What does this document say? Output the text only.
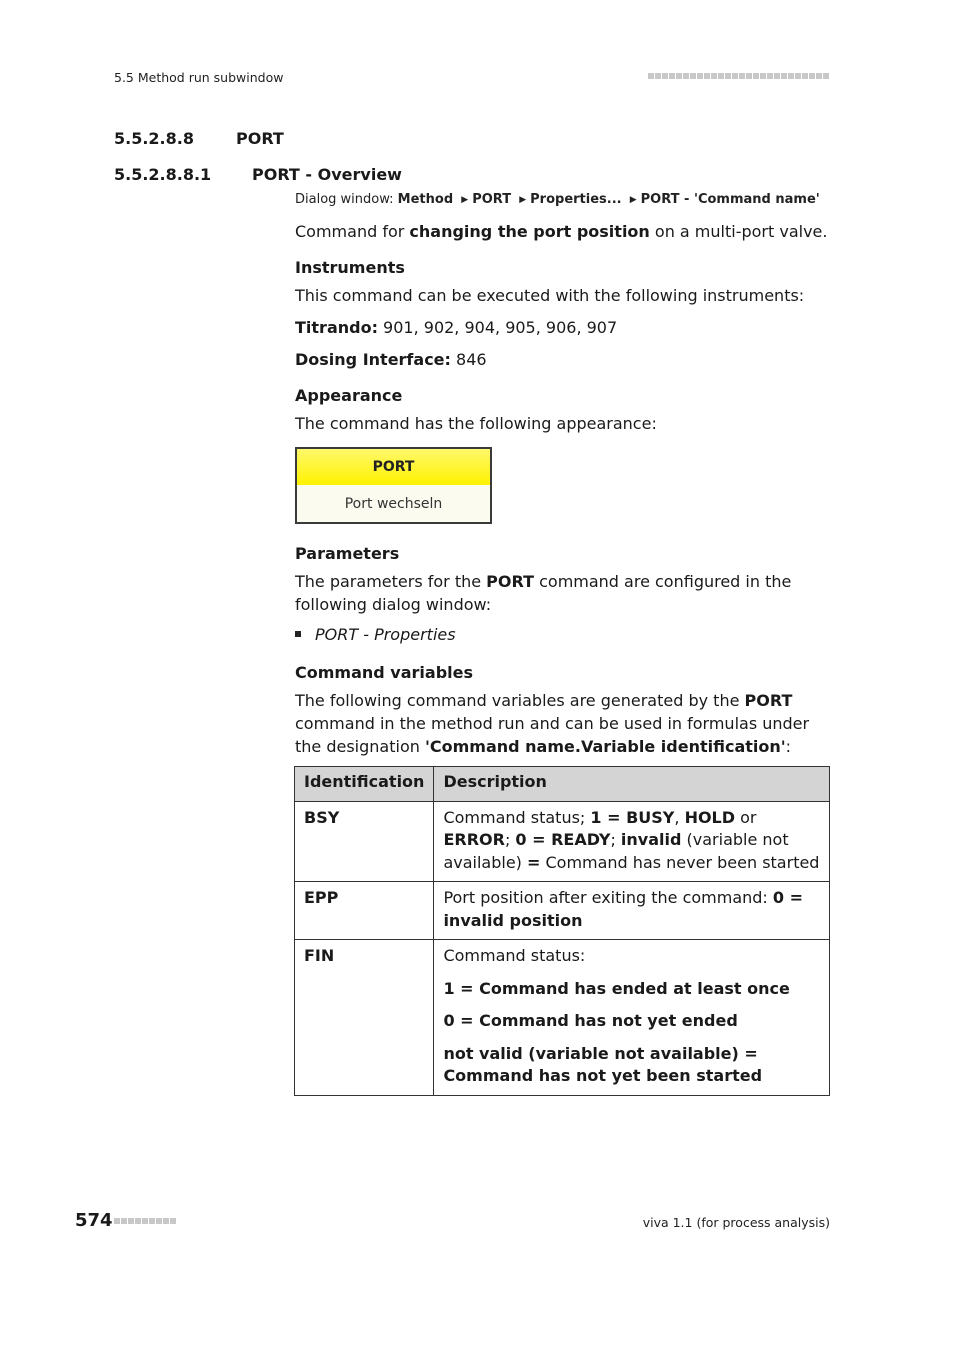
5.5 Method run subwindow
5.5.2.8.8	PORT
5.5.2.8.8.1	PORT - Overview
Dialog window: Method ▶ PORT ▶ Properties... ▶ PORT - 'Command name'

Command for changing the port position on a multi-port valve.

Instruments

This command can be executed with the following instruments:

Titrando: 901, 902, 904, 905, 906, 907

Dosing Interface: 846

Appearance

The command has the following appearance:

PORT
Port wechseln
Parameters

The parameters for the PORT command are configured in the following dialog window:

PORT - Properties
Command variables

The following command variables are generated by the PORT command in the method run and can be used in formulas under the designation 'Command name.Variable identification':

Identification	Description
BSY	Command status; 1 = BUSY, HOLD or ERROR; 0 = READY; invalid (variable not available) = Command has never been started
EPP	Port position after exiting the command: 0 = invalid position
FIN	Command status:

1 = Command has ended at least once

0 = Command has not yet ended

not valid (variable not available) = Command has not yet been started

574	viva 1.1 (for process analysis)
